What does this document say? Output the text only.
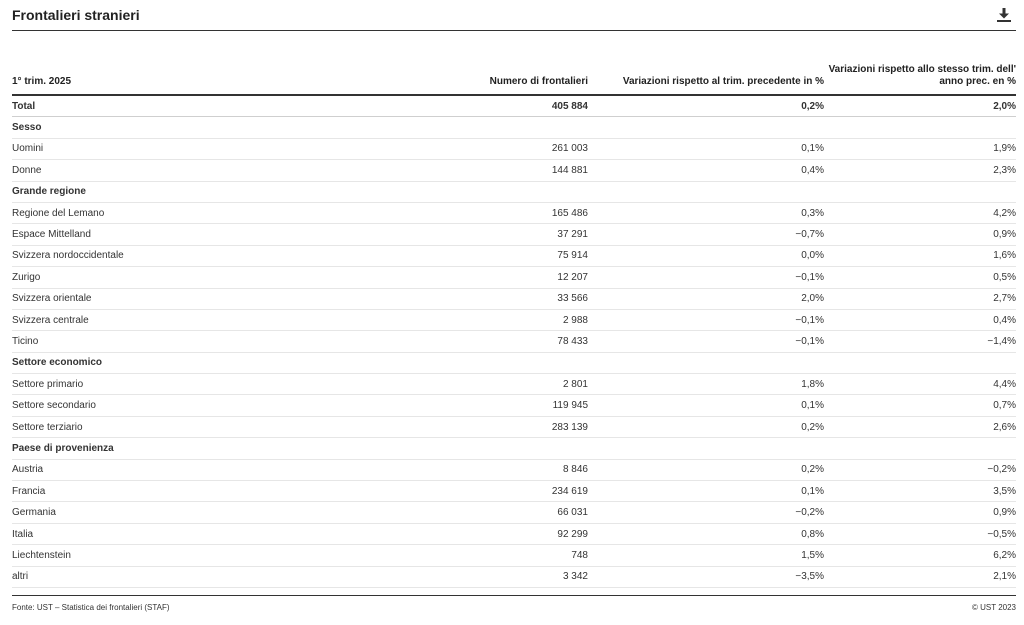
Frontalieri stranieri
1° trim. 2025	Numero di frontalieri	Variazioni rispetto al trim. precedente in %	Variazioni rispetto allo stesso trim. dell' anno prec. en %
Total	405 884	0,2%	2,0%
Sesso			
Uomini	261 003	0,1%	1,9%
Donne	144 881	0,4%	2,3%
Grande regione			
Regione del Lemano	165 486	0,3%	4,2%
Espace Mittelland	37 291	−0,7%	0,9%
Svizzera nordoccidentale	75 914	0,0%	1,6%
Zurigo	12 207	−0,1%	0,5%
Svizzera orientale	33 566	2,0%	2,7%
Svizzera centrale	2 988	−0,1%	0,4%
Ticino	78 433	−0,1%	−1,4%
Settore economico			
Settore primario	2 801	1,8%	4,4%
Settore secondario	119 945	0,1%	0,7%
Settore terziario	283 139	0,2%	2,6%
Paese di provenienza			
Austria	8 846	0,2%	−0,2%
Francia	234 619	0,1%	3,5%
Germania	66 031	−0,2%	0,9%
Italia	92 299	0,8%	−0,5%
Liechtenstein	748	1,5%	6,2%
altri	3 342	−3,5%	2,1%
Fonte: UST – Statistica dei frontalieri (STAF)	© UST 2023
